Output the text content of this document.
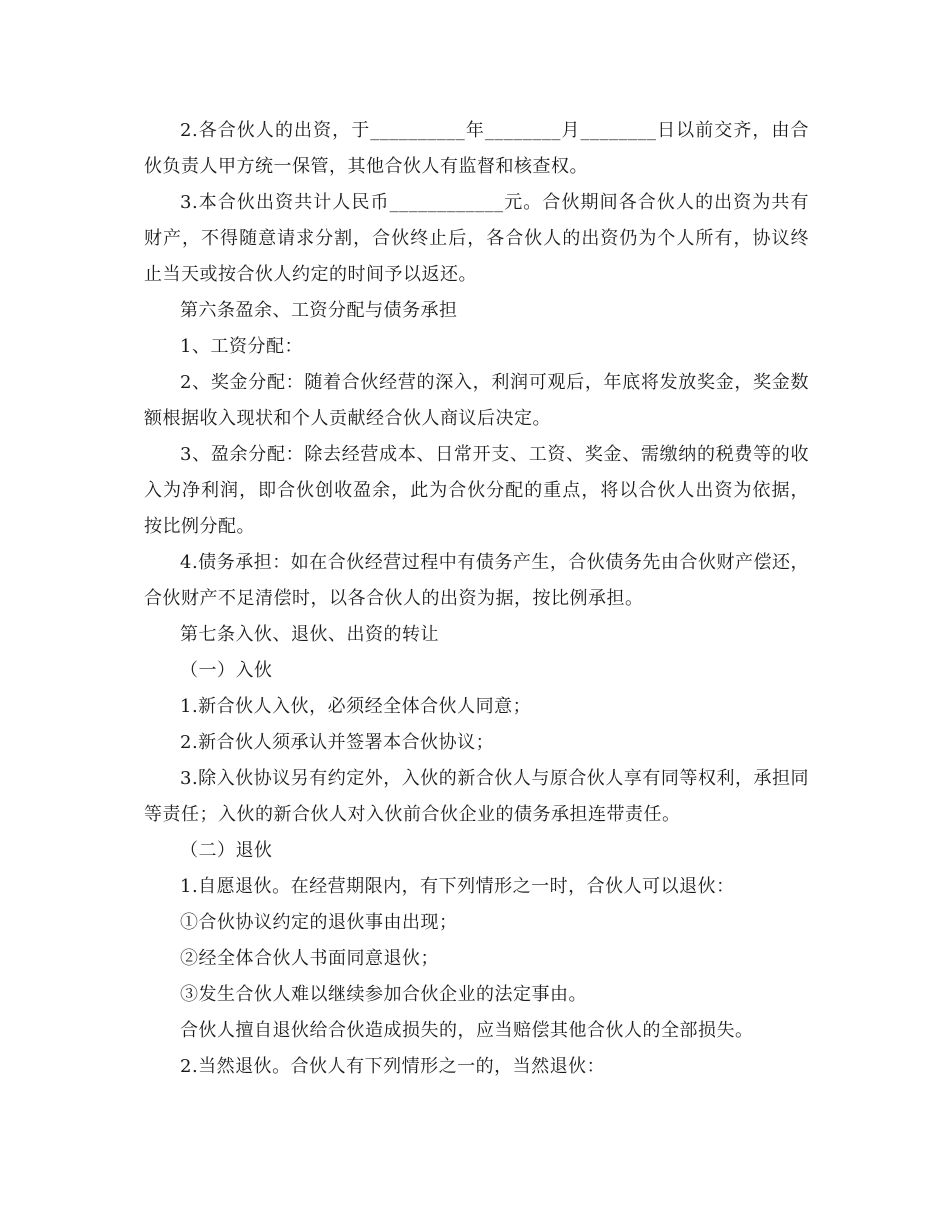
2.各合伙人的出资，于__________年________月________日以前交齐，由合伙负责人甲方统一保管，其他合伙人有监督和核查权。

3.本合伙出资共计人民币____________元。合伙期间各合伙人的出资为共有财产，不得随意请求分割，合伙终止后，各合伙人的出资仍为个人所有，协议终止当天或按合伙人约定的时间予以返还。

第六条盈余、工资分配与债务承担

1、工资分配：

2、奖金分配：随着合伙经营的深入，利润可观后，年底将发放奖金，奖金数额根据收入现状和个人贡献经合伙人商议后决定。

3、盈余分配：除去经营成本、日常开支、工资、奖金、需缴纳的税费等的收入为净利润，即合伙创收盈余，此为合伙分配的重点，将以合伙人出资为依据，按比例分配。

4.债务承担：如在合伙经营过程中有债务产生，合伙债务先由合伙财产偿还，合伙财产不足清偿时，以各合伙人的出资为据，按比例承担。

第七条入伙、退伙、出资的转让

（一）入伙

1.新合伙人入伙，必须经全体合伙人同意；

2.新合伙人须承认并签署本合伙协议；

3.除入伙协议另有约定外，入伙的新合伙人与原合伙人享有同等权利，承担同等责任；入伙的新合伙人对入伙前合伙企业的债务承担连带责任。

（二）退伙

1.自愿退伙。在经营期限内，有下列情形之一时，合伙人可以退伙：

①合伙协议约定的退伙事由出现；

②经全体合伙人书面同意退伙；

③发生合伙人难以继续参加合伙企业的法定事由。

合伙人擅自退伙给合伙造成损失的，应当赔偿其他合伙人的全部损失。

2.当然退伙。合伙人有下列情形之一的，当然退伙：
